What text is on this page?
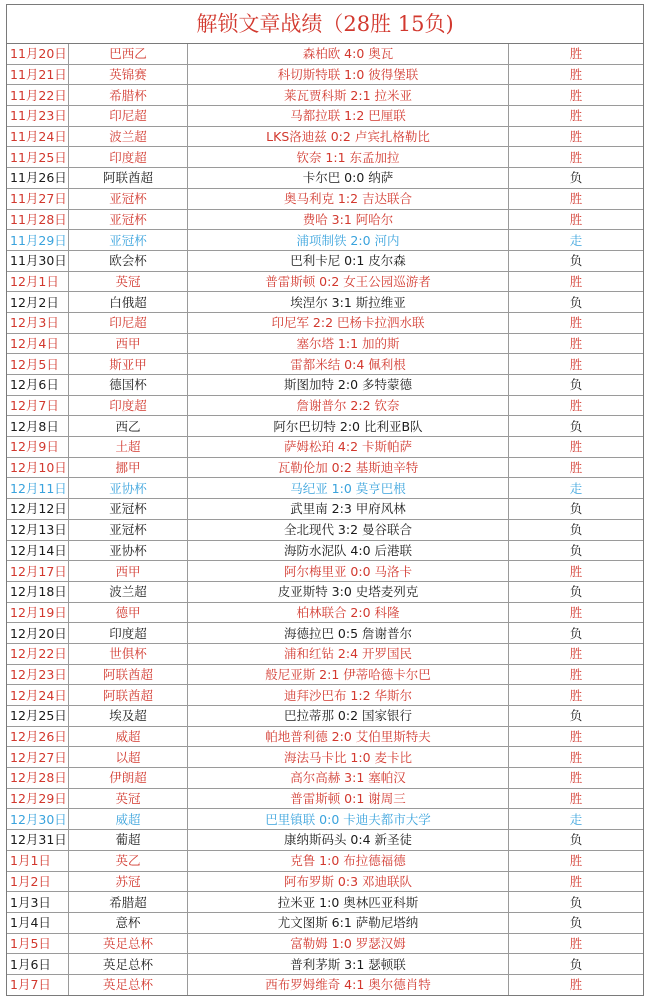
解锁文章战绩（28胜 15负)
11月20日	巴西乙	森柏欧 4:0 奥瓦	胜
11月21日	英锦赛	科切斯特联 1:0 彼得堡联	胜
11月22日	希腊杯	莱瓦贾科斯 2:1 拉米亚	胜
11月23日	印尼超	马都拉联 1:2 巴厘联	胜
11月24日	波兰超	LKS洛迪兹 0:2 卢宾扎格勒比	胜
11月25日	印度超	钦奈 1:1 东孟加拉	胜
11月26日	阿联酋超	卡尔巴 0:0 纳萨	负
11月27日	亚冠杯	奥马利克 1:2 吉达联合	胜
11月28日	亚冠杯	费哈 3:1 阿哈尔	胜
11月29日	亚冠杯	浦项制铁 2:0 河内	走
11月30日	欧会杯	巴利卡尼 0:1 皮尔森	负
12月1日	英冠	普雷斯顿 0:2 女王公园巡游者	胜
12月2日	白俄超	埃涅尔 3:1 斯拉维亚	负
12月3日	印尼超	印尼军 2:2 巴杨卡拉泗水联	胜
12月4日	西甲	塞尔塔 1:1 加的斯	胜
12月5日	斯亚甲	雷都米结 0:4 佩利根	胜
12月6日	德国杯	斯图加特 2:0 多特蒙德	负
12月7日	印度超	詹谢普尔 2:2 钦奈	胜
12月8日	西乙	阿尔巴切特 2:0 比利亚B队	负
12月9日	土超	萨姆松珀 4:2 卡斯帕萨	胜
12月10日	挪甲	瓦勒伦加 0:2 基斯迪辛特	胜
12月11日	亚协杯	马纪亚 1:0 莫亨巴根	走
12月12日	亚冠杯	武里南 2:3 甲府风林	负
12月13日	亚冠杯	全北现代 3:2 曼谷联合	负
12月14日	亚协杯	海防水泥队 4:0 后港联	负
12月17日	西甲	阿尔梅里亚 0:0 马洛卡	胜
12月18日	波兰超	皮亚斯特 3:0 史塔麦列克	负
12月19日	德甲	柏林联合 2:0 科隆	胜
12月20日	印度超	海德拉巴 0:5 詹谢普尔	负
12月22日	世俱杯	浦和红钻 2:4 开罗国民	胜
12月23日	阿联酋超	般尼亚斯 2:1 伊蒂哈德卡尔巴	胜
12月24日	阿联酋超	迪拜沙巴布 1:2 华斯尔	胜
12月25日	埃及超	巴拉蒂那 0:2 国家银行	负
12月26日	威超	帕地普利德 2:0 艾伯里斯特夫	胜
12月27日	以超	海法马卡比 1:0 麦卡比	胜
12月28日	伊朗超	高尔高赫 3:1 塞帕汉	胜
12月29日	英冠	普雷斯顿 0:1 谢周三	胜
12月30日	威超	巴里镇联 0:0 卡迪夫都市大学	走
12月31日	葡超	康纳斯码头 0:4 新圣徒	负
1月1日	英乙	克鲁 1:0 布拉德福德	胜
1月2日	苏冠	阿布罗斯 0:3 邓迪联队	胜
1月3日	希腊超	拉米亚 1:0 奥林匹亚科斯	负
1月4日	意杯	尤文图斯 6:1 萨勒尼塔纳	负
1月5日	英足总杯	富勒姆 1:0 罗瑟汉姆	胜
1月6日	英足总杯	普利茅斯 3:1 瑟顿联	负
1月7日	英足总杯	西布罗姆维奇 4:1 奥尔德肖特	胜
